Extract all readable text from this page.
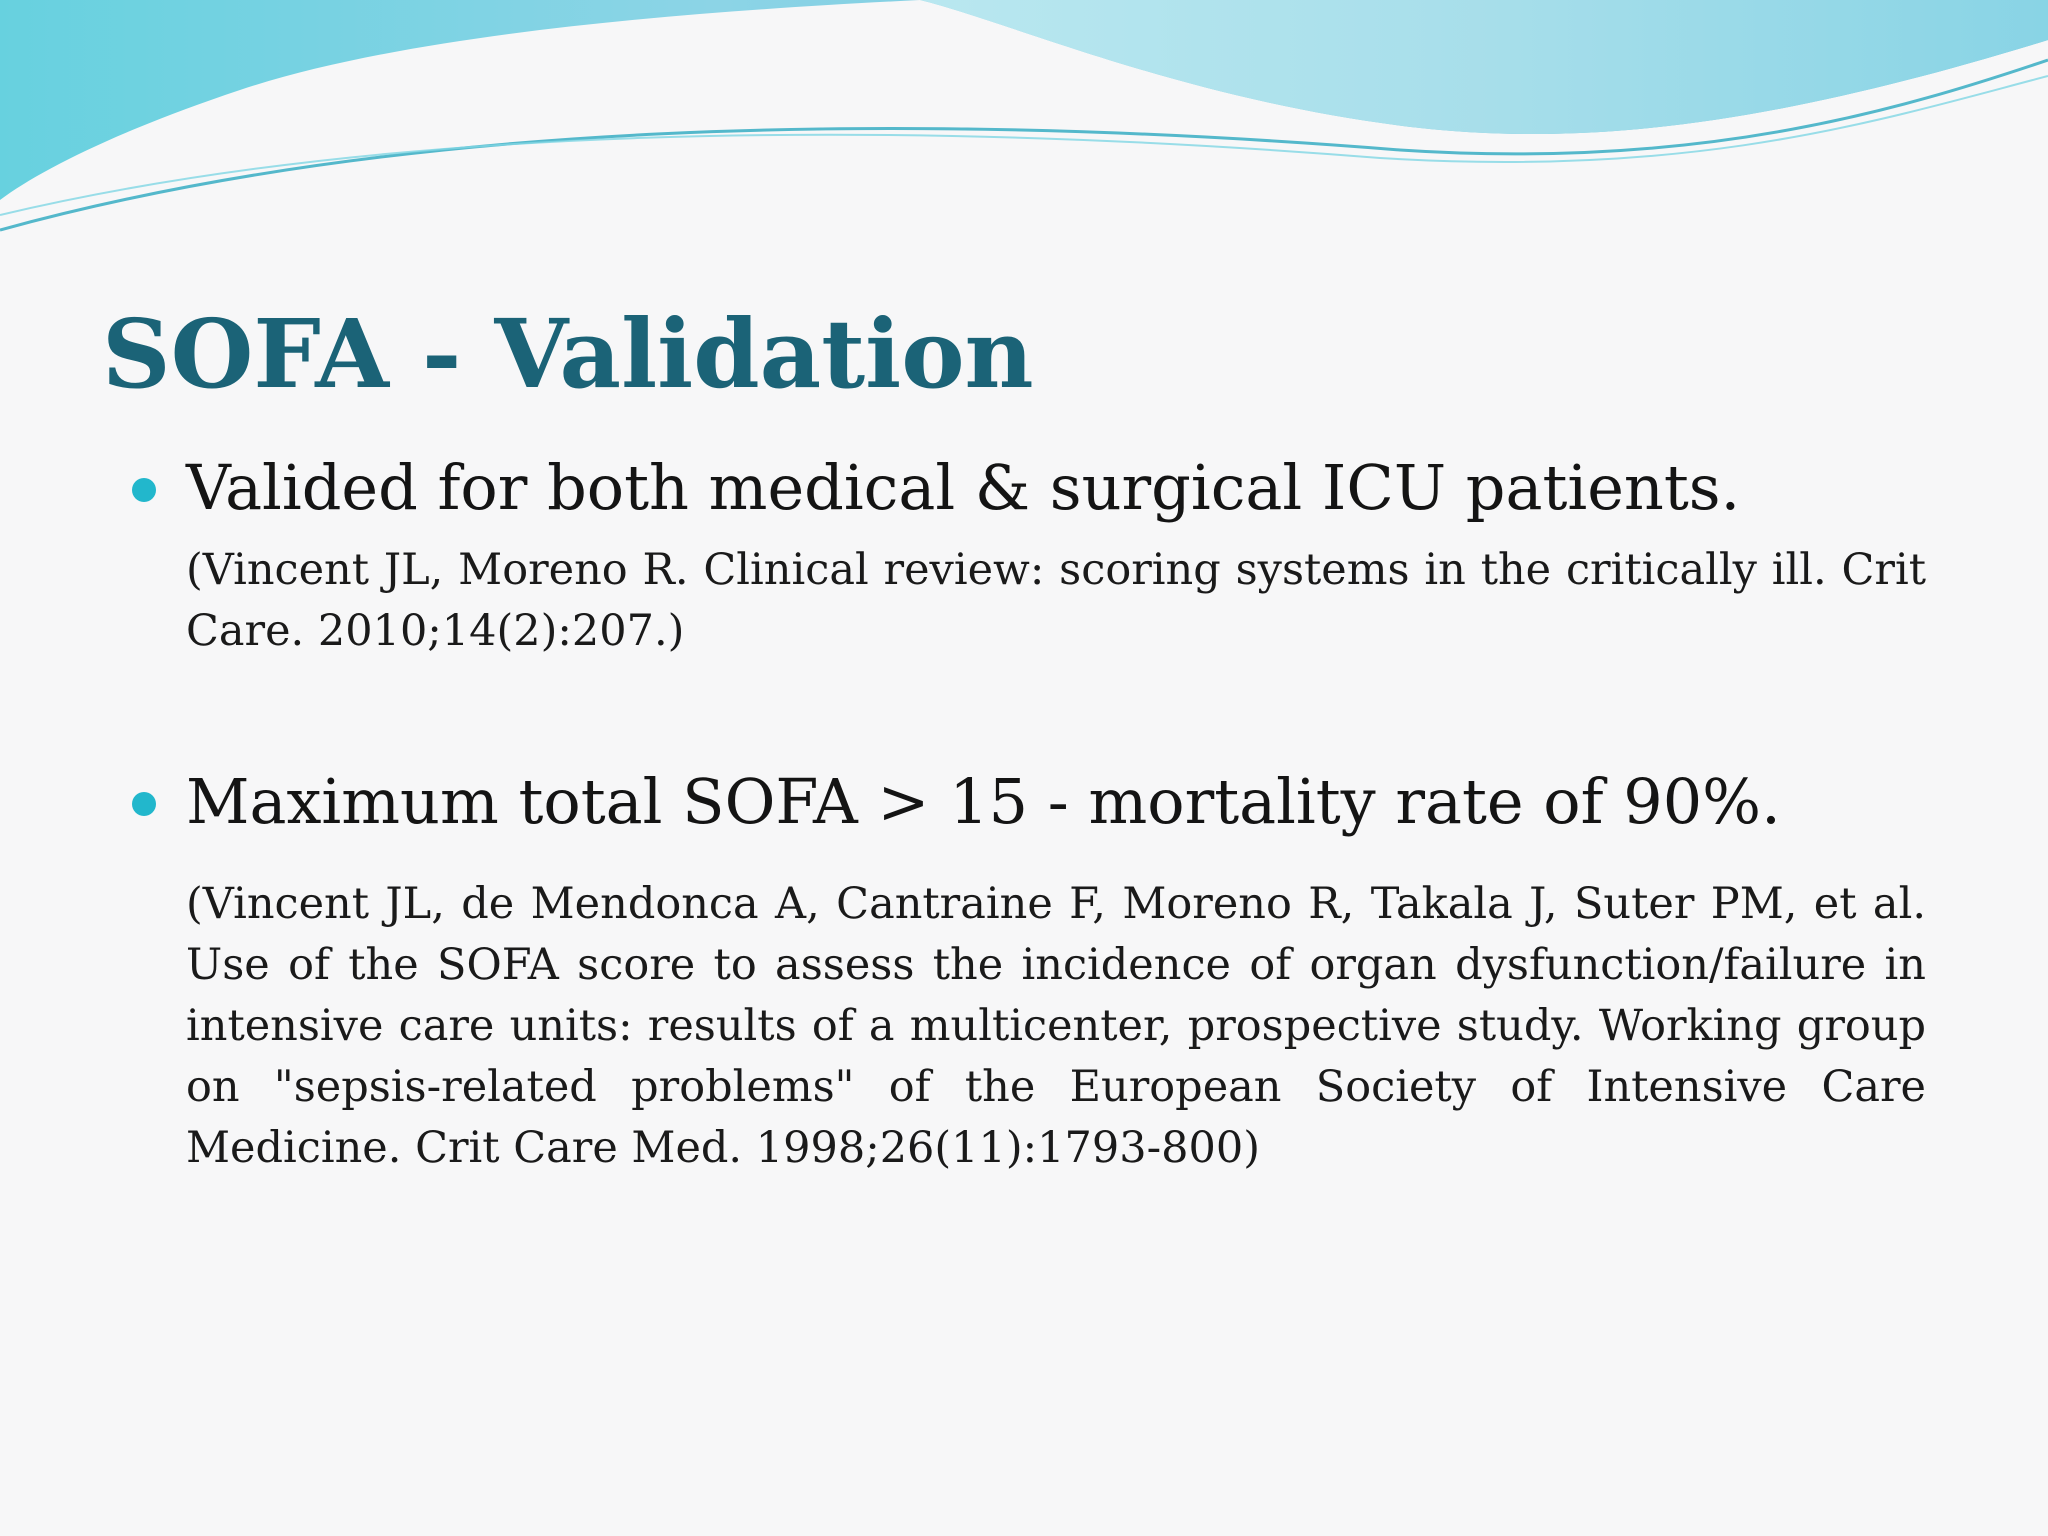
SOFA - Validation

Valided for both medical & surgical ICU patients.

(Vincent JL, Moreno R. Clinical review: scoring systems in the critically ill. Crit Care. 2010;14(2):207.)

Maximum total SOFA > 15 - mortality rate of 90%.

(Vincent JL, de Mendonca A, Cantraine F, Moreno R, Takala J, Suter PM, et al. Use of the SOFA score to assess the incidence of organ dysfunction/failure in intensive care units: results of a multicenter, prospective study. Working group on "sepsis-related problems" of the European Society of Intensive Care Medicine. Crit Care Med. 1998;26(11):1793-800)
